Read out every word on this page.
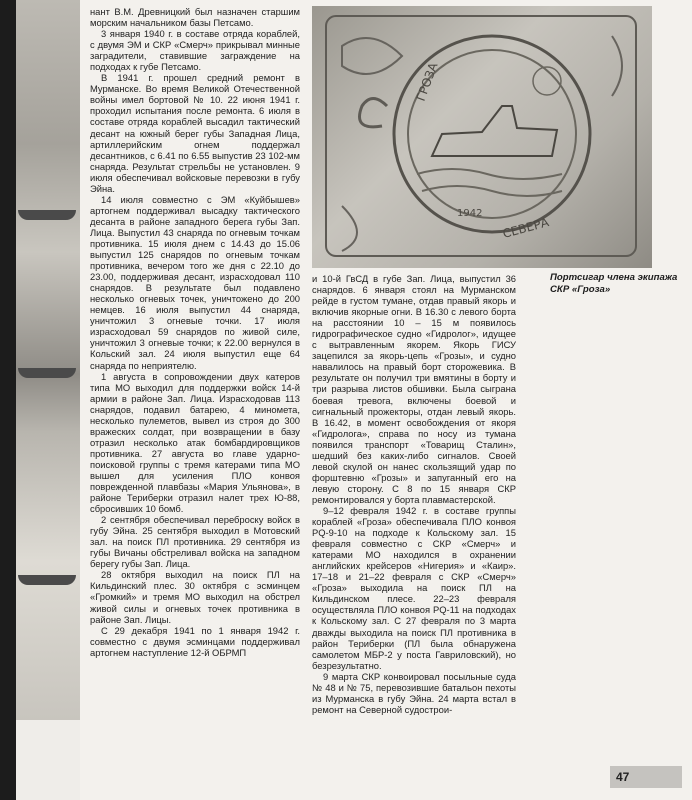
нант В.М. Древницкий был назначен старшим морским начальником базы Петсамо.

3 января 1940 г. в составе отряда кораблей, с двумя ЭМ и СКР «Смерч» прикрывал минные заградители, ставившие заграждение на подходах к губе Петсамо.

В 1941 г. прошел средний ремонт в Мурманске. Во время Великой Отечественной войны имел бортовой № 10. 22 июня 1941 г. проходил испытания после ремонта. 6 июля в составе отряда кораблей высадил тактический десант на южный берег губы Западная Лица, артиллерийским огнем поддержал десантников, с 6.41 по 6.55 выпустив 23 102-мм снаряда. Результат стрельбы не установлен. 9 июля обеспечивал войсковые перевозки в губу Эйна.

14 июля совместно с ЭМ «Куйбышев» артогнем поддерживал высадку тактического десанта в районе западного берега губы Зап. Лица. Выпустил 43 снаряда по огневым точкам противника. 15 июля днем с 14.43 до 15.06 выпустил 125 снарядов по огневым точкам противника, вечером того же дня с 22.10 до 23.00, поддерживая десант, израсходовал 110 снарядов. В результате был подавлено несколько огневых точек, уничтожено до 200 немцев. 16 июля выпустил 44 снаряда, уничтожил 3 огневые точки. 17 июля израсходовал 59 снарядов по живой силе, уничтожил 3 огневые точки; к 22.00 вернулся в Кольский зал. 24 июля выпустил еще 64 снаряда по неприятелю.

1 августа в сопровождении двух катеров типа МО выходил для поддержки войск 14-й армии в районе Зап. Лица. Израсходовав 113 снарядов, подавил батарею, 4 миномета, несколько пулеметов, вывел из строя до 300 вражеских солдат, при возвращении в базу отразил несколько атак бомбардировщиков противника. 27 августа во главе ударно-поисковой группы с тремя катерами типа МО вышел для усиления ПЛО конвоя поврежденной плавбазы «Мария Ульянова», в районе Териберки отразил налет трех Ю-88, сбросивших 10 бомб.

2 сентября обеспечивал переброску войск в губу Эйна. 25 сентября выходил в Мотовский зал. на поиск ПЛ противника. 29 сентября из губы Вичаны обстреливал войска на западном берегу губы Зап. Лица.

28 октября выходил на поиск ПЛ на Кильдинский плес. 30 октября с эсминцем «Громкий» и тремя МО выходил на обстрел живой силы и огневых точек противника в районе Зап. Лицы.

С 29 декабря 1941 по 1 января 1942 г. совместно с двумя эсминцами поддерживал артогнем наступление 12-й ОБРМП

ГРОЗА
СЕВЕРА
1942
Портсигар члена экипажа СКР «Гроза»

и 10-й ГвСД в губе Зап. Лица, выпустил 36 снарядов. 6 января стоял на Мурманском рейде в густом тумане, отдав правый якорь и включив якорные огни. В 16.30 с левого борта на расстоянии 10 – 15 м появилось гидрографическое судно «Гидролог», идущее с вытравленным якорем. Якорь ГИСУ зацепился за якорь-цепь «Грозы», и судно навалилось на правый борт сторожевика. В результате он получил три вмятины в борту и три разрыва листов обшивки. Была сыграна боевая тревога, включены боевой и сигнальный прожекторы, отдан левый якорь. В 16.42, в момент освобождения от якоря «Гидролога», справа по носу из тумана появился транспорт «Товарищ Сталин», шедший без каких-либо сигналов. Своей левой скулой он нанес скользящий удар по форштевню «Грозы» и запуганный его на левую сторону. С 8 по 15 января СКР ремонтировался у борта плавмастерской.

9–12 февраля 1942 г. в составе группы кораблей «Гроза» обеспечивала ПЛО конвоя PQ-9-10 на подходе к Кольскому зал. 15 февраля совместно с СКР «Смерч» и катерами МО находился в охранении английских крейсеров «Нигерия» и «Каир». 17–18 и 21–22 февраля с СКР «Смерч» «Гроза» выходила на поиск ПЛ на Кильдинском плесе. 22–23 февраля осуществляла ПЛО конвоя PQ-11 на подходах к Кольскому зал. С 27 февраля по 3 марта дважды выходила на поиск ПЛ противника в район Териберки (ПЛ была обнаружена самолетом МБР-2 у поста Гавриловский), но безрезультатно.

9 марта СКР конвоировал посыльные суда № 48 и № 75, перевозившие батальон пехоты из Мурманска в губу Эйна. 24 марта встал в ремонт на Северной судострои-

47
